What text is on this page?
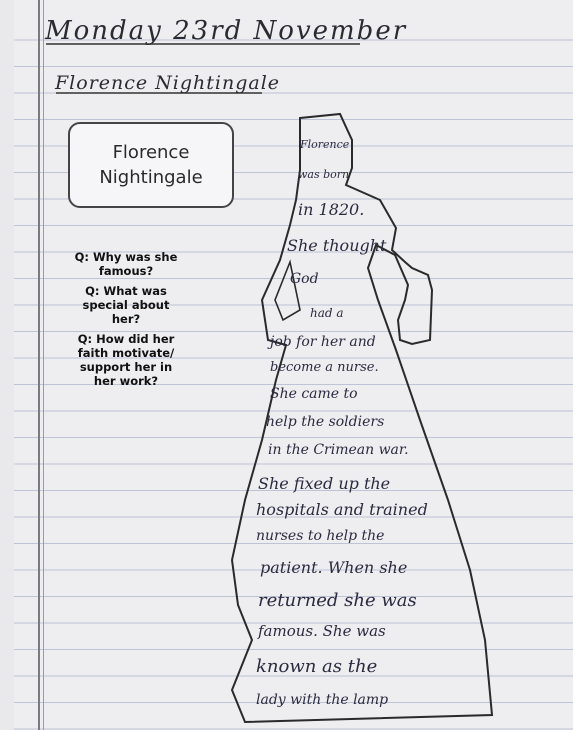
Monday 23rd November
Florence Nightingale
Florence
Nightingale

Q: Why was she famous?

Q: What was special about her?

Q: How did her faith motivate/ support her in her work?

Florence
was born
in 1820.
She thought
God
had a
job for her and
become a nurse.
She came to
help the soldiers
in the Crimean war.
She fixed up the
hospitals and trained
nurses to help the
patient. When she
returned she was
famous. She was
known as the
lady with the lamp
